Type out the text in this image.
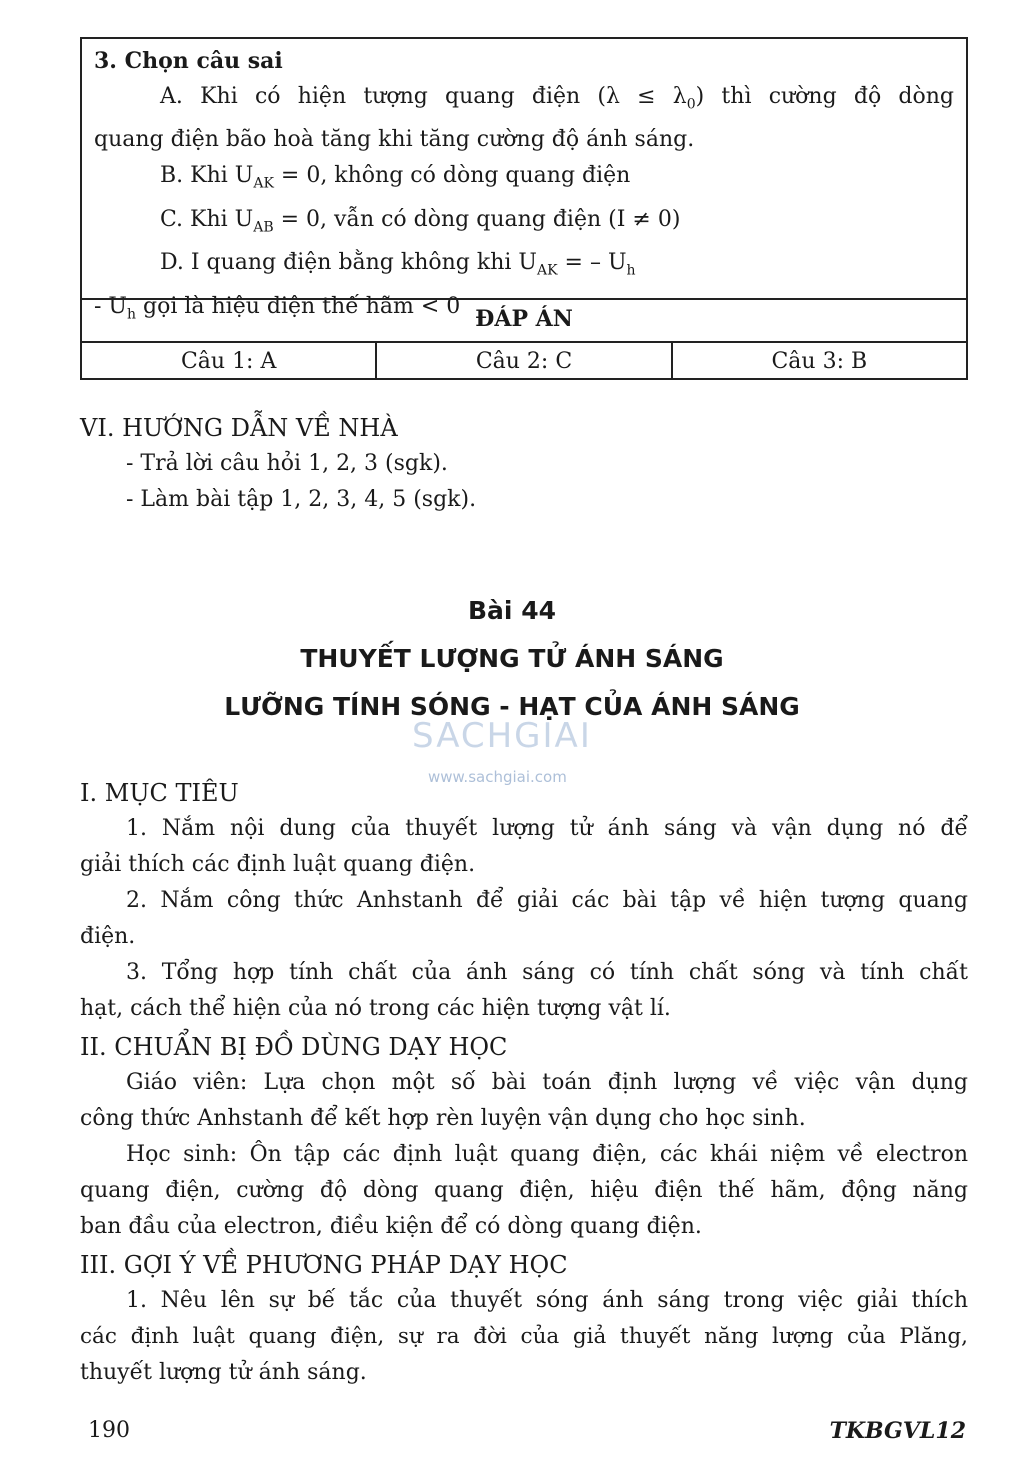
3. Chọn câu sai

A. Khi có hiện tượng quang điện $(\lambda \le \lambda_0)$ thì cường độ dòng

quang điện bão hoà tăng khi tăng cường độ ánh sáng.

B. Khi $U_{AK} = 0$, không có dòng quang điện

C. Khi $U_{AB} = 0$, vẫn có dòng quang điện (I ≠ 0)

D. I quang điện bằng không khi $U_{AK}$ = – $U_h$

- $U_h$ gọi là hiệu điện thế hãm < 0 ĐÁP ÁN
Câu 1: A	Câu 2: C	Câu 3: B

VI. HƯỚNG DẪN VỀ NHÀ

- Trả lời câu hỏi 1, 2, 3 (sgk).

- Làm bài tập 1, 2, 3, 4, 5 (sgk).

Bài 44
THUYẾT LƯỢNG TỬ ÁNH SÁNG
LƯỠNG TÍNH SÓNG - HẠT CỦA ÁNH SÁNG
SACHGIAI
www.sachgiai.com

I. MỤC TIÊU

1. Nắm nội dung của thuyết lượng tử ánh sáng và vận dụng nó để

giải thích các định luật quang điện.

2. Nắm công thức Anhstanh để giải các bài tập về hiện tượng quang

điện.

3. Tổng hợp tính chất của ánh sáng có tính chất sóng và tính chất

hạt, cách thể hiện của nó trong các hiện tượng vật lí.

II. CHUẨN BỊ ĐỒ DÙNG DẠY HỌC

Giáo viên: Lựa chọn một số bài toán định lượng về việc vận dụng

công thức Anhstanh để kết hợp rèn luyện vận dụng cho học sinh.

Học sinh: Ôn tập các định luật quang điện, các khái niệm về electron

quang điện, cường độ dòng quang điện, hiệu điện thế hãm, động năng

ban đầu của electron, điều kiện để có dòng quang điện.

III. GỢI Ý VỀ PHƯƠNG PHÁP DẠY HỌC

1. Nêu lên sự bế tắc của thuyết sóng ánh sáng trong việc giải thích

các định luật quang điện, sự ra đời của giả thuyết năng lượng của Plăng,

thuyết lượng tử ánh sáng.

190	TKBGVL12
